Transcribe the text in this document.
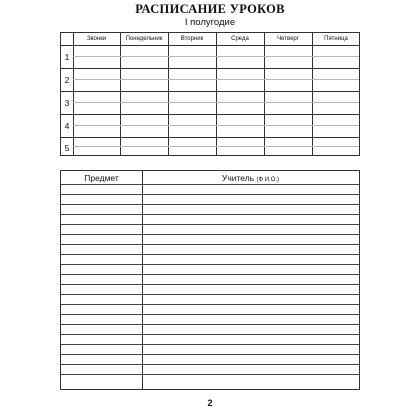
РАСПИСАНИЕ УРОКОВ
I полугодие
Звонки	Понедельник	Вторник	Среда	Четверг	Пятница
1
2
3
4
5
Предмет	Учитель (Ф.И.О.)
2
